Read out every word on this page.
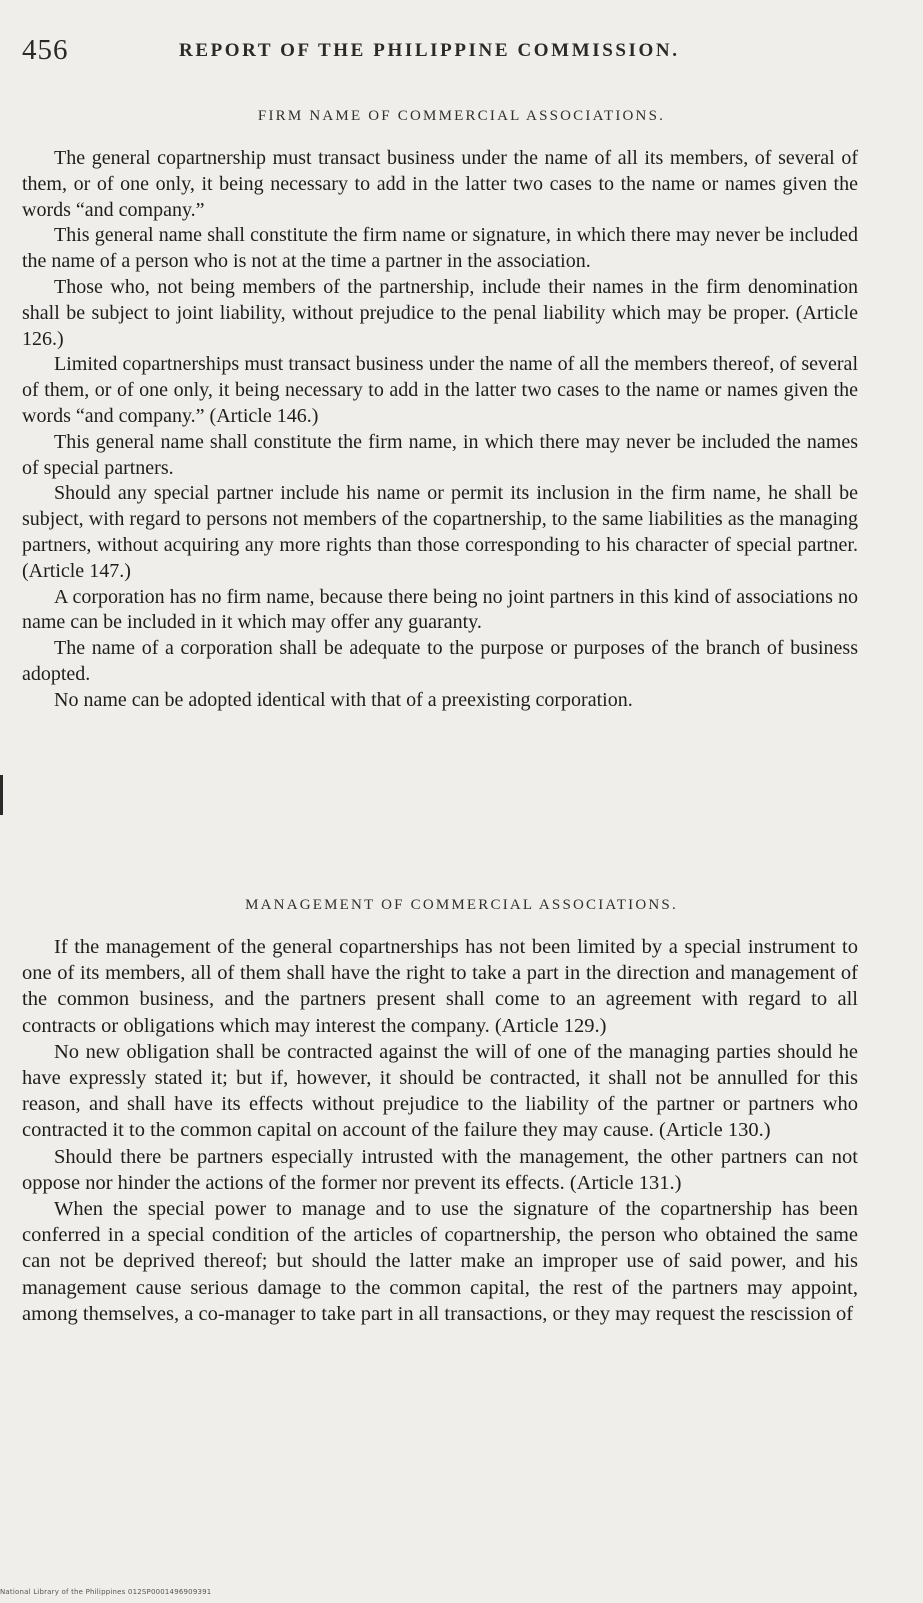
456	REPORT OF THE PHILIPPINE COMMISSION.
FIRM NAME OF COMMERCIAL ASSOCIATIONS.

The general copartnership must transact business under the name of all its members, of several of them, or of one only, it being necessary to add in the latter two cases to the name or names given the words “and company.”

This general name shall constitute the firm name or signature, in which there may never be included the name of a person who is not at the time a partner in the association.

Those who, not being members of the partnership, include their names in the firm denomination shall be subject to joint liability, without prejudice to the penal liability which may be proper. (Article 126.)

Limited copartnerships must transact business under the name of all the members thereof, of several of them, or of one only, it being necessary to add in the latter two cases to the name or names given the words “and company.” (Article 146.)

This general name shall constitute the firm name, in which there may never be included the names of special partners.

Should any special partner include his name or permit its inclusion in the firm name, he shall be subject, with regard to persons not members of the copartnership, to the same liabilities as the managing partners, without acquiring any more rights than those corresponding to his character of special partner. (Article 147.)

A corporation has no firm name, because there being no joint partners in this kind of associations no name can be included in it which may offer any guaranty.

The name of a corporation shall be adequate to the purpose or purposes of the branch of business adopted.

No name can be adopted identical with that of a preexisting corporation.

MANAGEMENT OF COMMERCIAL ASSOCIATIONS.

If the management of the general copartnerships has not been limited by a special instrument to one of its members, all of them shall have the right to take a part in the direction and management of the common business, and the partners present shall come to an agreement with regard to all contracts or obligations which may interest the company. (Article 129.)

No new obligation shall be contracted against the will of one of the managing parties should he have expressly stated it; but if, however, it should be contracted, it shall not be annulled for this reason, and shall have its effects without prejudice to the liability of the partner or partners who contracted it to the common capital on account of the failure they may cause. (Article 130.)

Should there be partners especially intrusted with the management, the other partners can not oppose nor hinder the actions of the former nor prevent its effects. (Article 131.)

When the special power to manage and to use the signature of the copartnership has been conferred in a special condition of the articles of copartnership, the person who obtained the same can not be deprived thereof; but should the latter make an improper use of said power, and his management cause serious damage to the common capital, the rest of the partners may appoint, among themselves, a co-manager to take part in all transactions, or they may request the rescission of

National Library of the Philippines 012SP0001496909391
